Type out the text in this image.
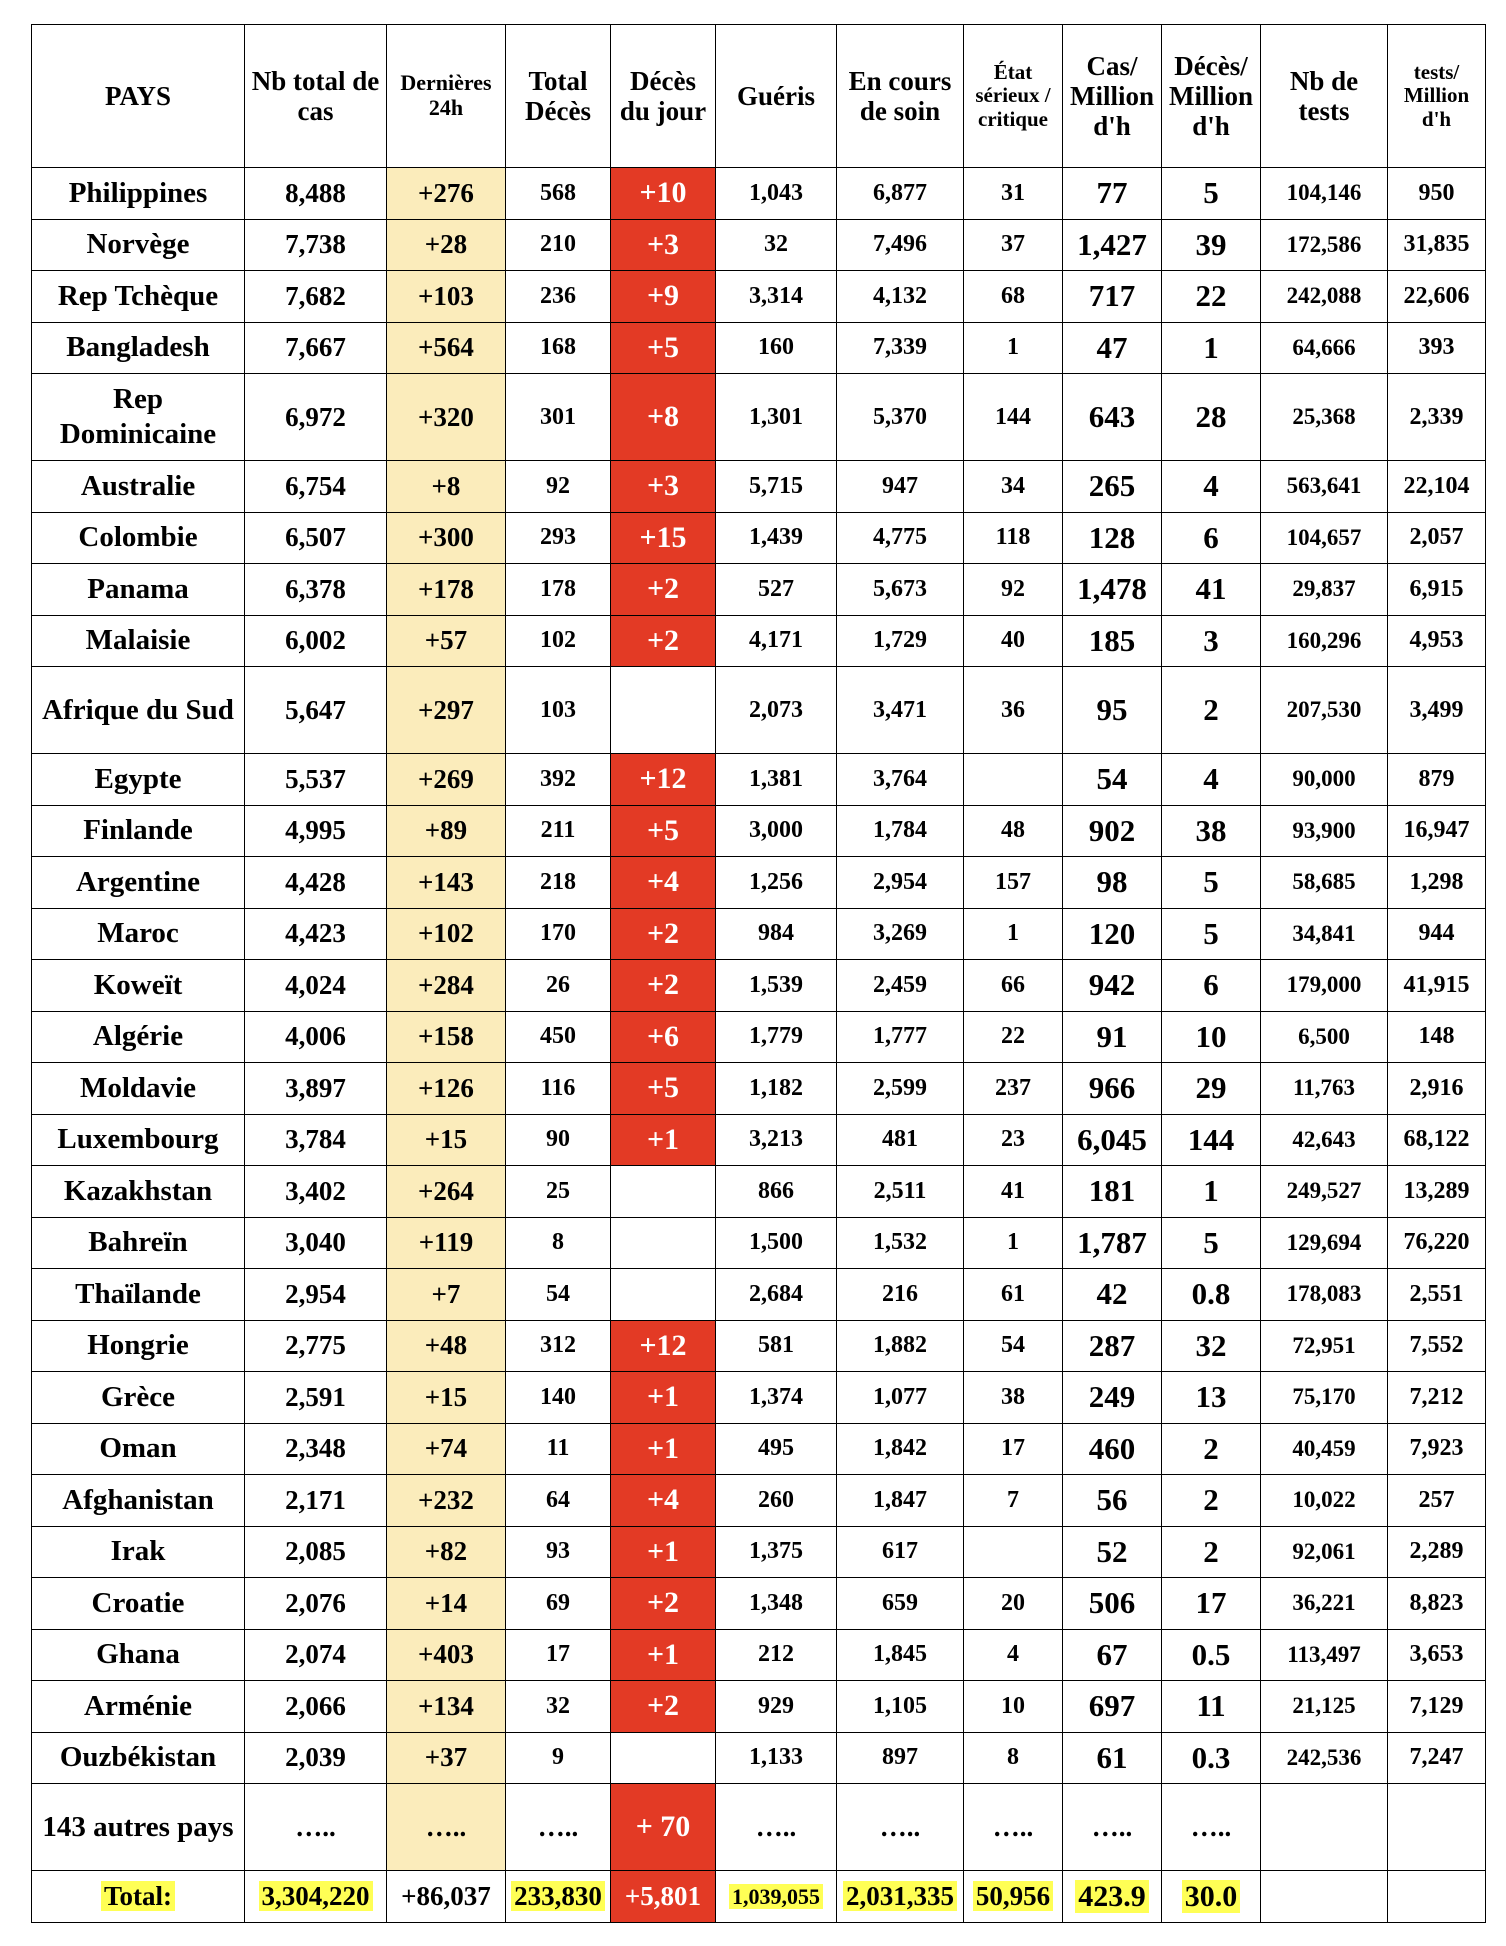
PAYS	Nb total de cas	Dernières 24h	Total Décès	Décès du jour	Guéris	En cours de soin	État sérieux / critique	Cas/ Million d'h	Décès/ Million d'h	Nb de tests	tests/ Million d'h
Philippines	8,488	+276	568	+10	1,043	6,877	31	77	5	104,146	950
Norvège	7,738	+28	210	+3	32	7,496	37	1,427	39	172,586	31,835
Rep Tchèque	7,682	+103	236	+9	3,314	4,132	68	717	22	242,088	22,606
Bangladesh	7,667	+564	168	+5	160	7,339	1	47	1	64,666	393
Rep Dominicaine	6,972	+320	301	+8	1,301	5,370	144	643	28	25,368	2,339
Australie	6,754	+8	92	+3	5,715	947	34	265	4	563,641	22,104
Colombie	6,507	+300	293	+15	1,439	4,775	118	128	6	104,657	2,057
Panama	6,378	+178	178	+2	527	5,673	92	1,478	41	29,837	6,915
Malaisie	6,002	+57	102	+2	4,171	1,729	40	185	3	160,296	4,953
Afrique du Sud	5,647	+297	103		2,073	3,471	36	95	2	207,530	3,499
Egypte	5,537	+269	392	+12	1,381	3,764		54	4	90,000	879
Finlande	4,995	+89	211	+5	3,000	1,784	48	902	38	93,900	16,947
Argentine	4,428	+143	218	+4	1,256	2,954	157	98	5	58,685	1,298
Maroc	4,423	+102	170	+2	984	3,269	1	120	5	34,841	944
Koweït	4,024	+284	26	+2	1,539	2,459	66	942	6	179,000	41,915
Algérie	4,006	+158	450	+6	1,779	1,777	22	91	10	6,500	148
Moldavie	3,897	+126	116	+5	1,182	2,599	237	966	29	11,763	2,916
Luxembourg	3,784	+15	90	+1	3,213	481	23	6,045	144	42,643	68,122
Kazakhstan	3,402	+264	25		866	2,511	41	181	1	249,527	13,289
Bahreïn	3,040	+119	8		1,500	1,532	1	1,787	5	129,694	76,220
Thaïlande	2,954	+7	54		2,684	216	61	42	0.8	178,083	2,551
Hongrie	2,775	+48	312	+12	581	1,882	54	287	32	72,951	7,552
Grèce	2,591	+15	140	+1	1,374	1,077	38	249	13	75,170	7,212
Oman	2,348	+74	11	+1	495	1,842	17	460	2	40,459	7,923
Afghanistan	2,171	+232	64	+4	260	1,847	7	56	2	10,022	257
Irak	2,085	+82	93	+1	1,375	617		52	2	92,061	2,289
Croatie	2,076	+14	69	+2	1,348	659	20	506	17	36,221	8,823
Ghana	2,074	+403	17	+1	212	1,845	4	67	0.5	113,497	3,653
Arménie	2,066	+134	32	+2	929	1,105	10	697	11	21,125	7,129
Ouzbékistan	2,039	+37	9		1,133	897	8	61	0.3	242,536	7,247
143 autres pays	…..	…..	…..	+ 70	…..	…..	…..	…..	…..		
Total:	3,304,220	+86,037	233,830	+5,801	1,039,055	2,031,335	50,956	423.9	30.0		
